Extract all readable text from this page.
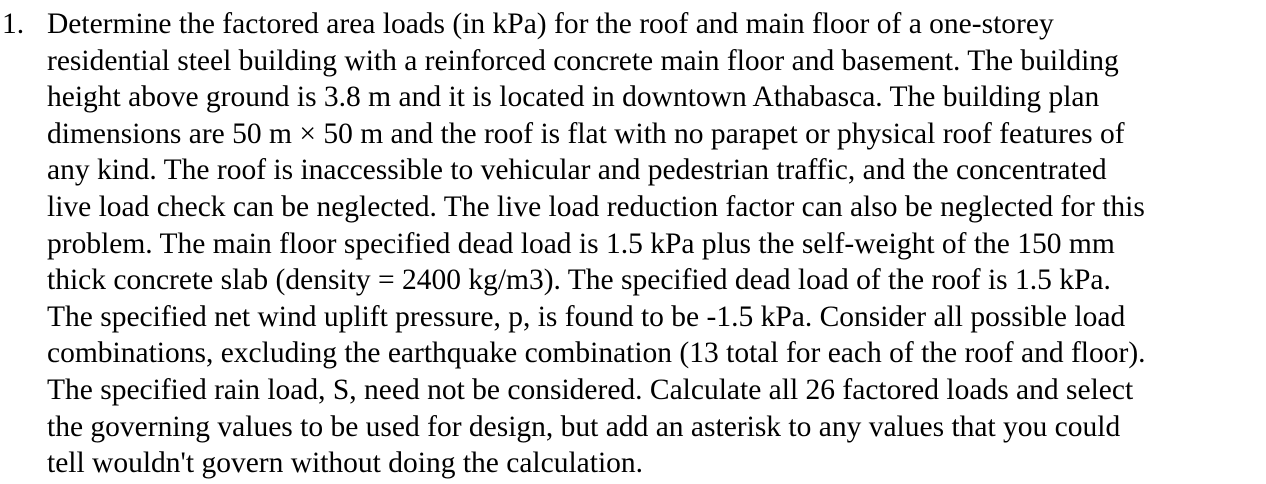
1. Determine the factored area loads (in kPa) for the roof and main floor of a one-storey
residential steel building with a reinforced concrete main floor and basement. The building
height above ground is 3.8 m and it is located in downtown Athabasca. The building plan
dimensions are 50 m × 50 m and the roof is flat with no parapet or physical roof features of
any kind. The roof is inaccessible to vehicular and pedestrian traffic, and the concentrated
live load check can be neglected. The live load reduction factor can also be neglected for this
problem. The main floor specified dead load is 1.5 kPa plus the self-weight of the 150 mm
thick concrete slab (density = 2400 kg/m3). The specified dead load of the roof is 1.5 kPa.
The specified net wind uplift pressure, p, is found to be -1.5 kPa. Consider all possible load
combinations, excluding the earthquake combination (13 total for each of the roof and floor).
The specified rain load, S, need not be considered. Calculate all 26 factored loads and select
the governing values to be used for design, but add an asterisk to any values that you could
tell wouldn't govern without doing the calculation.
